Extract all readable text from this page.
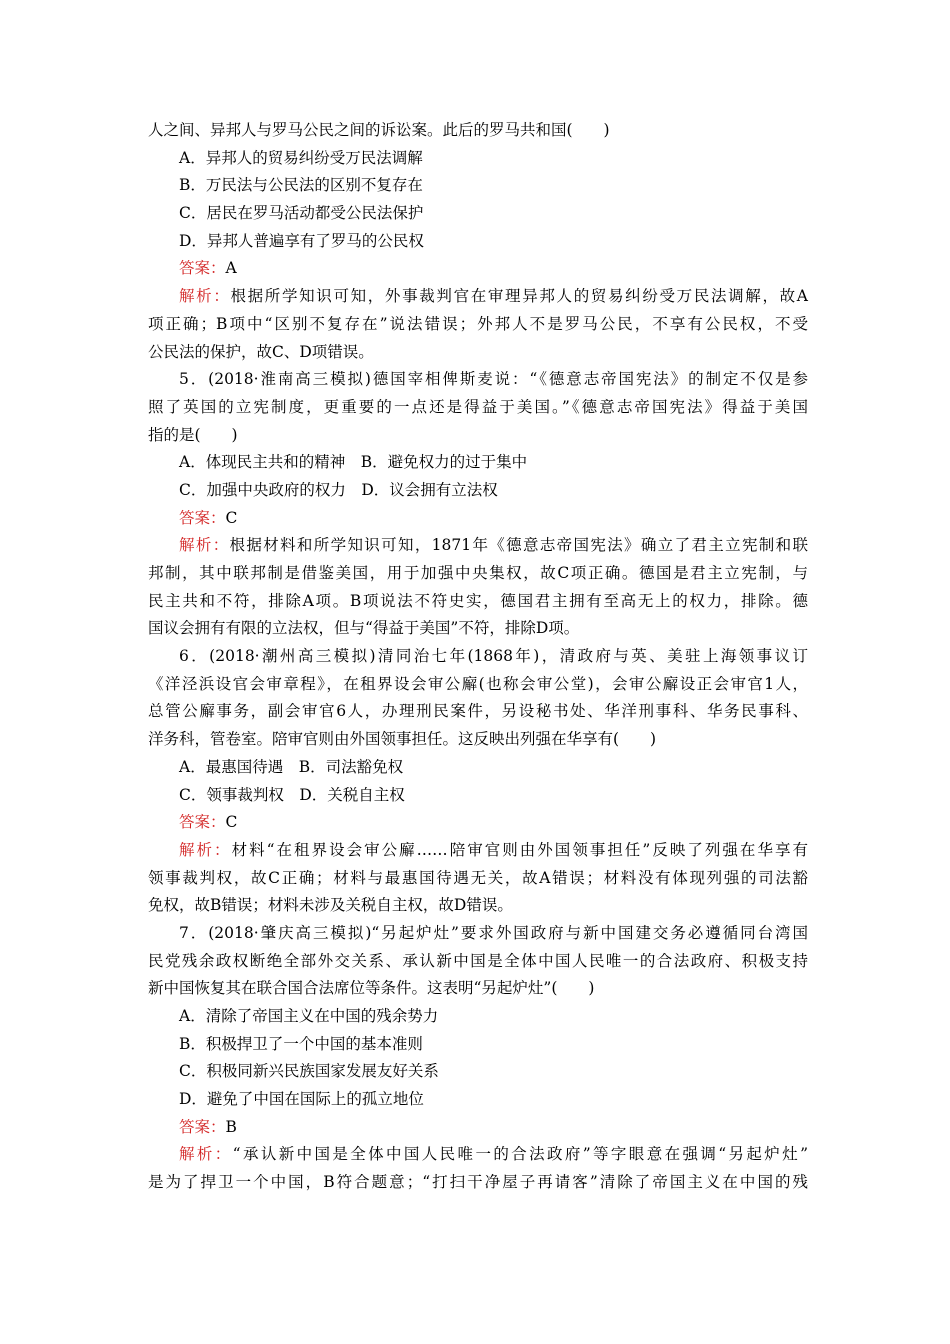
人之间、异邦人与罗马公民之间的诉讼案。此后的罗马共和国(　　)
A．异邦人的贸易纠纷受万民法调解
B．万民法与公民法的区别不复存在
C．居民在罗马活动都受公民法保护
D．异邦人普遍享有了罗马的公民权
答案：A
解析：根据所学知识可知，外事裁判官在审理异邦人的贸易纠纷受万民法调解，故A
项正确；B项中“区别不复存在”说法错误；外邦人不是罗马公民，不享有公民权，不受
公民法的保护，故C、D项错误。
5．(2018·淮南高三模拟)德国宰相俾斯麦说：“《德意志帝国宪法》的制定不仅是参
照了英国的立宪制度，更重要的一点还是得益于美国。”《德意志帝国宪法》得益于美国
指的是(　　)
A．体现民主共和的精神　B．避免权力的过于集中
C．加强中央政府的权力　D．议会拥有立法权
答案：C
解析：根据材料和所学知识可知，1871年《德意志帝国宪法》确立了君主立宪制和联
邦制，其中联邦制是借鉴美国，用于加强中央集权，故C项正确。德国是君主立宪制，与
民主共和不符，排除A项。B项说法不符史实，德国君主拥有至高无上的权力，排除。德
国议会拥有有限的立法权，但与“得益于美国”不符，排除D项。
6．(2018·潮州高三模拟)清同治七年(1868年)，清政府与英、美驻上海领事议订
《洋泾浜设官会审章程》，在租界设会审公廨(也称会审公堂)，会审公廨设正会审官1人，
总管公廨事务，副会审官6人，办理刑民案件，另设秘书处、华洋刑事科、华务民事科、
洋务科，管卷室。陪审官则由外国领事担任。这反映出列强在华享有(　　)
A．最惠国待遇　B．司法豁免权
C．领事裁判权　D．关税自主权
答案：C
解析：材料“在租界设会审公廨……陪审官则由外国领事担任”反映了列强在华享有
领事裁判权，故C正确；材料与最惠国待遇无关，故A错误；材料没有体现列强的司法豁
免权，故B错误；材料未涉及关税自主权，故D错误。
7．(2018·肇庆高三模拟)“另起炉灶”要求外国政府与新中国建交务必遵循同台湾国
民党残余政权断绝全部外交关系、承认新中国是全体中国人民唯一的合法政府、积极支持
新中国恢复其在联合国合法席位等条件。这表明“另起炉灶”(　　)
A．清除了帝国主义在中国的残余势力
B．积极捍卫了一个中国的基本准则
C．积极同新兴民族国家发展友好关系
D．避免了中国在国际上的孤立地位
答案：B
解析：“承认新中国是全体中国人民唯一的合法政府”等字眼意在强调“另起炉灶”
是为了捍卫一个中国，B符合题意；“打扫干净屋子再请客”清除了帝国主义在中国的残
